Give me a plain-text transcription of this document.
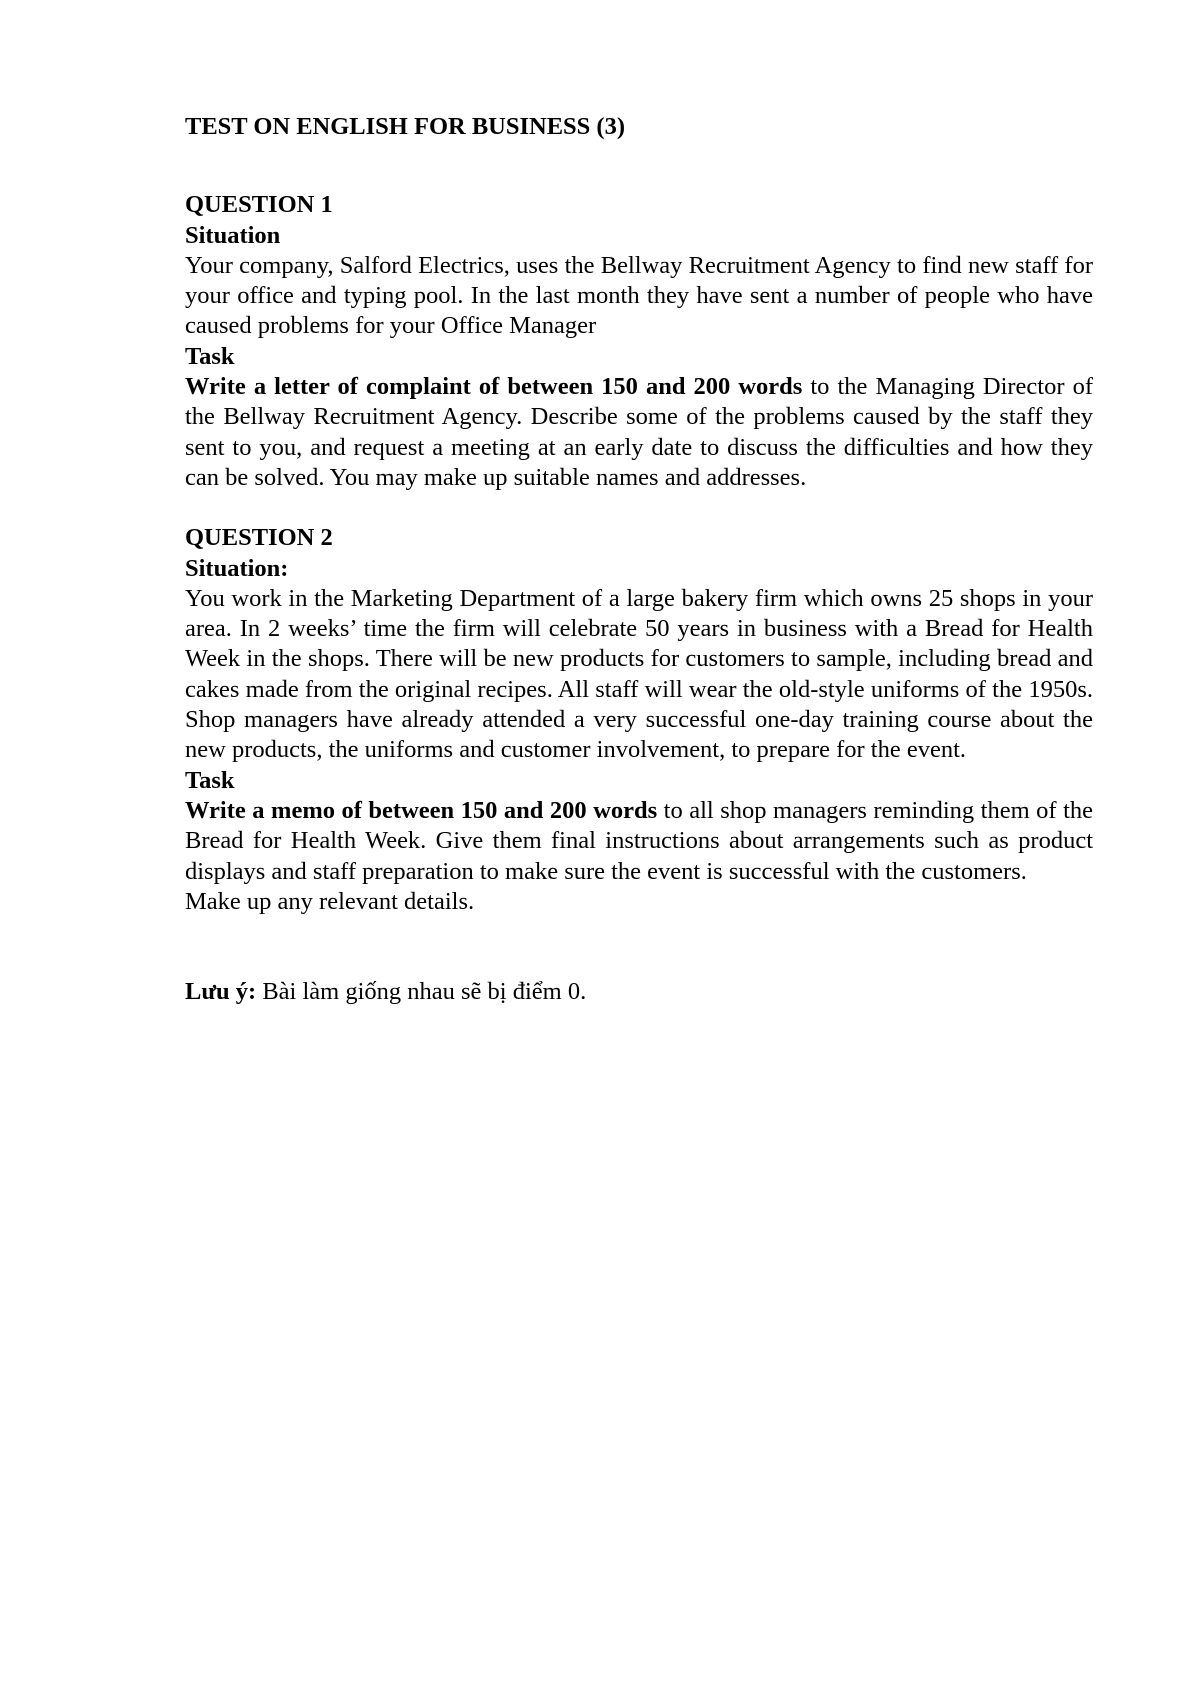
TEST ON ENGLISH FOR BUSINESS (3)
QUESTION 1
Situation
Your company, Salford Electrics, uses the Bellway Recruitment Agency to find new staff for your office and typing pool. In the last month they have sent a number of people who have caused problems for your Office Manager
Task
Write a letter of complaint of between 150 and 200 words to the Managing Director of the Bellway Recruitment Agency. Describe some of the problems caused by the staff they sent to you, and request a meeting at an early date to discuss the difficulties and how they can be solved. You may make up suitable names and addresses.
QUESTION 2
Situation:
You work in the Marketing Department of a large bakery firm which owns 25 shops in your area. In 2 weeks’ time the firm will celebrate 50 years in business with a Bread for Health Week in the shops. There will be new products for customers to sample, including bread and cakes made from the original recipes. All staff will wear the old-style uniforms of the 1950s. Shop managers have already attended a very successful one-day training course about the new products, the uniforms and customer involvement, to prepare for the event.
Task
Write a memo of between 150 and 200 words to all shop managers reminding them of the Bread for Health Week. Give them final instructions about arrangements such as product displays and staff preparation to make sure the event is successful with the customers.
Make up any relevant details.
Lưu ý: Bài làm giống nhau sẽ bị điểm 0.
